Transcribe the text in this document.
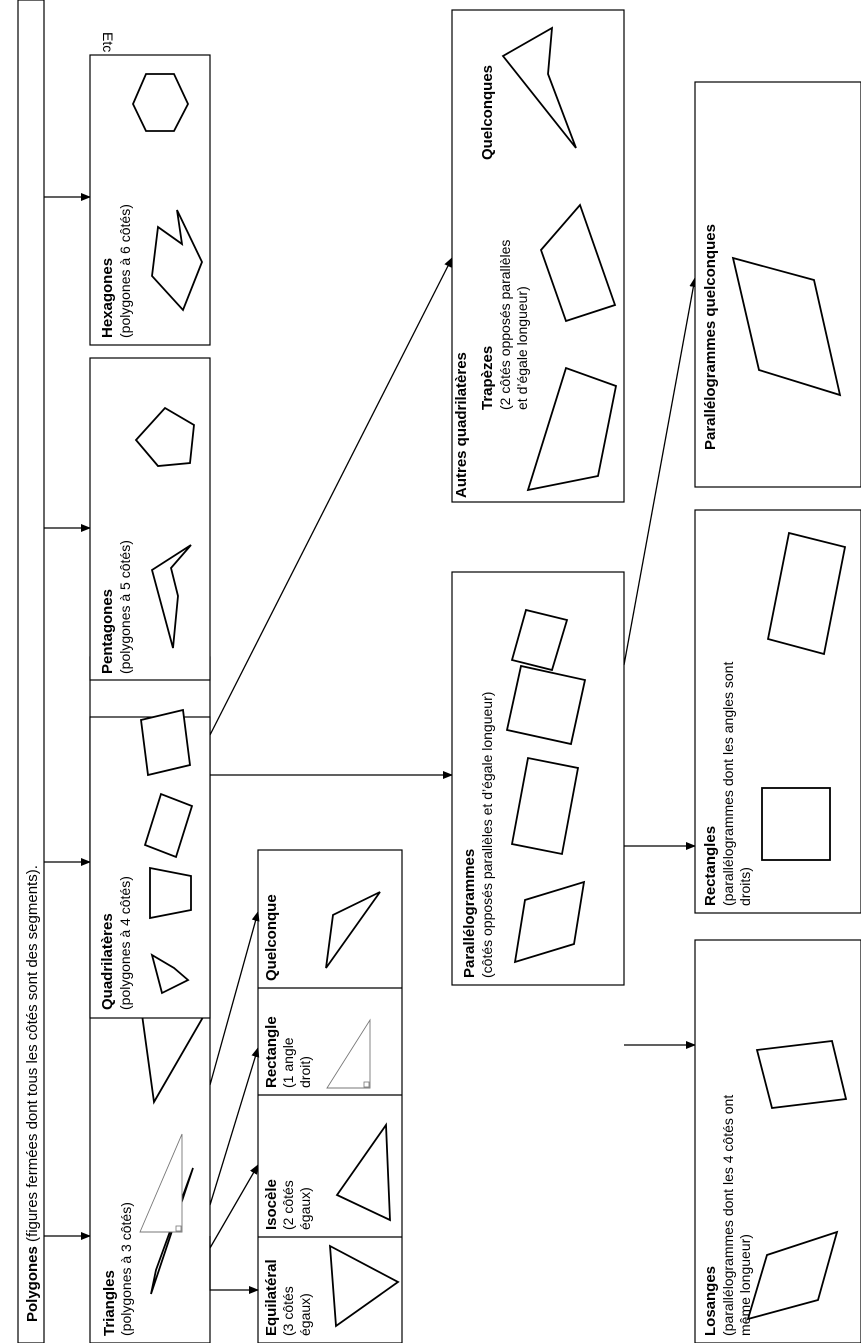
Polygones (figures fermées dont tous les côtés sont des segments).
Etc
Triangles (polygones à 3 côtés)
Quadrilatères (polygones à 4 côtés)
Pentagones (polygones à 5 côtés)
Hexagones (polygones à 6 côtés)
Equilatéral (3 côtés égaux)
Isocèle (2 côtés égaux)
Rectangle (1 angle droit)
Quelconque	Parallélogrammes (côtés opposés parallèles et d’égale longueur)
Autres quadrilatères Trapèzes (2 côtés opposés parallèles et d’égale longueur)
Quelconques
Losanges (parallélogrammes dont les 4 côtés ont même longueur)
Rectangles (parallélogrammes dont les angles sont droits)
Parallélogrammes quelconques
